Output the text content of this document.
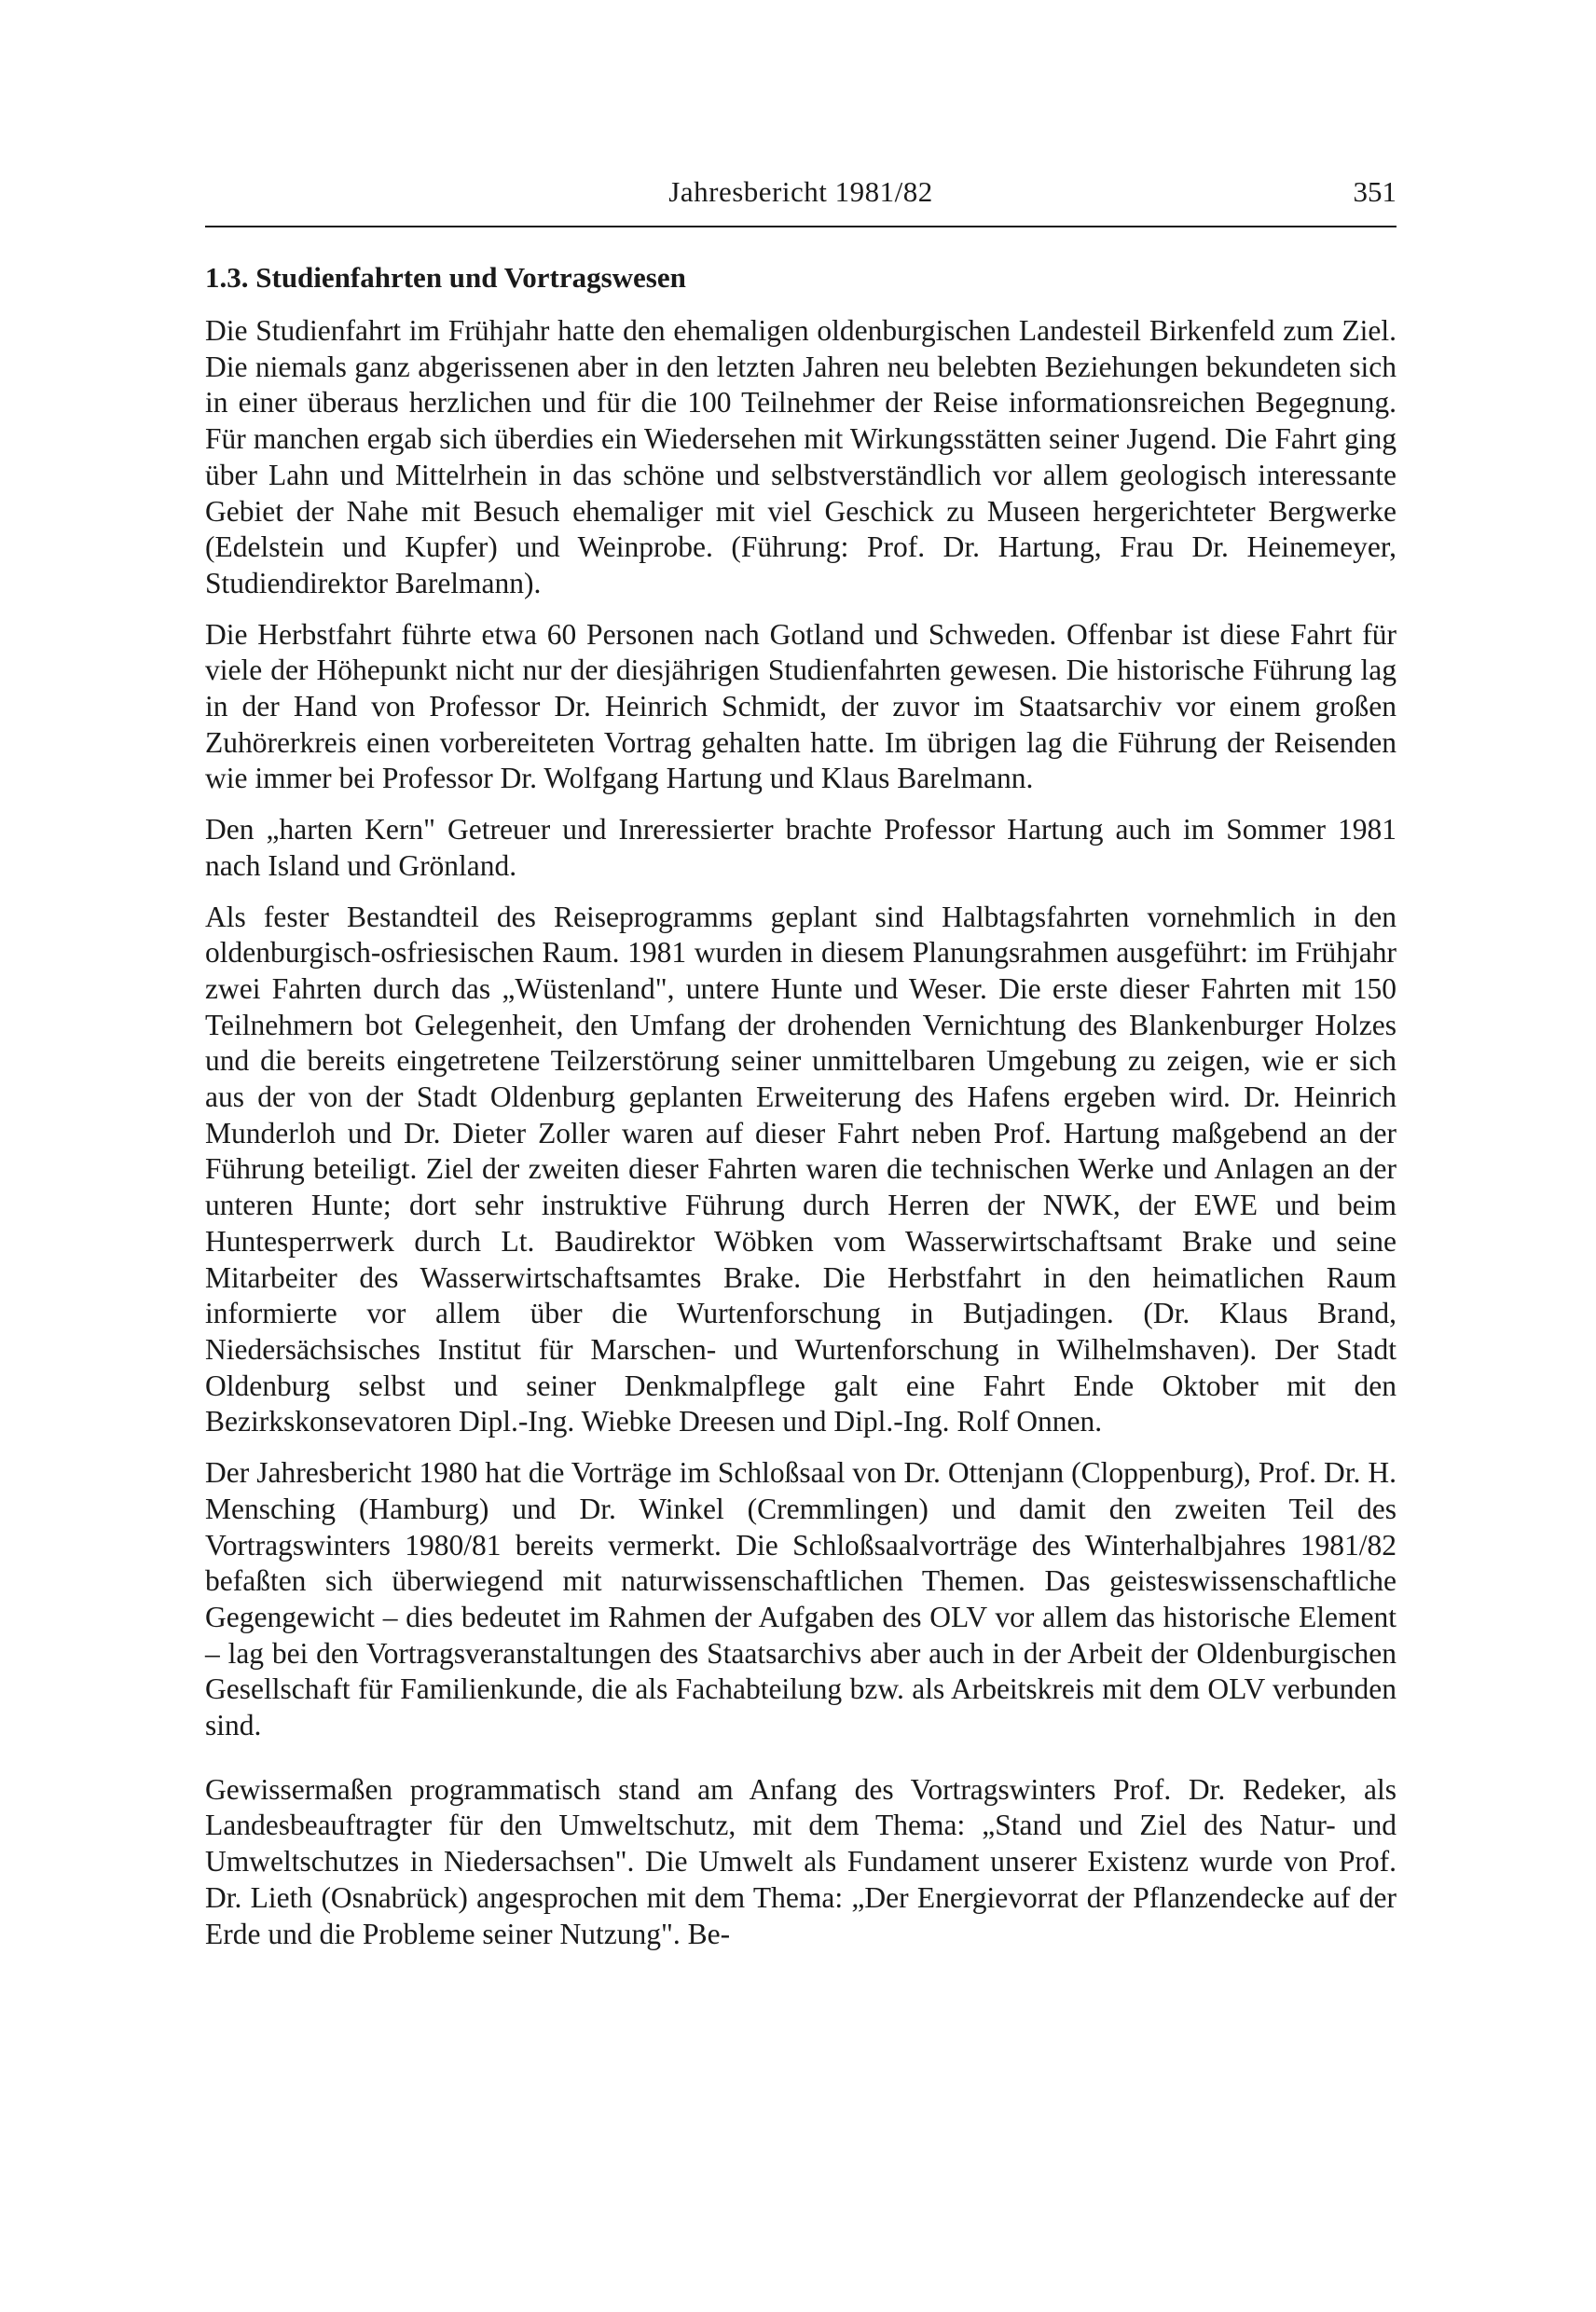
Jahresbericht 1981/82	351
1.3. Studienfahrten und Vortragswesen

Die Studienfahrt im Frühjahr hatte den ehemaligen oldenburgischen Landesteil Birkenfeld zum Ziel. Die niemals ganz abgerissenen aber in den letzten Jahren neu belebten Beziehungen bekundeten sich in einer überaus herzlichen und für die 100 Teilnehmer der Reise informationsreichen Begegnung. Für manchen ergab sich überdies ein Wiedersehen mit Wirkungsstätten seiner Jugend. Die Fahrt ging über Lahn und Mittelrhein in das schöne und selbstverständlich vor allem geologisch interessante Gebiet der Nahe mit Besuch ehemaliger mit viel Geschick zu Museen hergerichteter Bergwerke (Edelstein und Kupfer) und Weinprobe. (Führung: Prof. Dr. Hartung, Frau Dr. Heinemeyer, Studiendirektor Barelmann).

Die Herbstfahrt führte etwa 60 Personen nach Gotland und Schweden. Offenbar ist diese Fahrt für viele der Höhepunkt nicht nur der diesjährigen Studienfahrten gewesen. Die historische Führung lag in der Hand von Professor Dr. Heinrich Schmidt, der zuvor im Staatsarchiv vor einem großen Zuhörerkreis einen vorbereiteten Vortrag gehalten hatte. Im übrigen lag die Führung der Reisenden wie immer bei Professor Dr. Wolfgang Hartung und Klaus Barelmann.

Den „harten Kern" Getreuer und Inreressierter brachte Professor Hartung auch im Sommer 1981 nach Island und Grönland.

Als fester Bestandteil des Reiseprogramms geplant sind Halbtagsfahrten vornehmlich in den oldenburgisch-osfriesischen Raum. 1981 wurden in diesem Planungsrahmen ausgeführt: im Frühjahr zwei Fahrten durch das „Wüstenland", untere Hunte und Weser. Die erste dieser Fahrten mit 150 Teilnehmern bot Gelegenheit, den Umfang der drohenden Vernichtung des Blankenburger Holzes und die bereits eingetretene Teilzerstörung seiner unmittelbaren Umgebung zu zeigen, wie er sich aus der von der Stadt Oldenburg geplanten Erweiterung des Hafens ergeben wird. Dr. Heinrich Munderloh und Dr. Dieter Zoller waren auf dieser Fahrt neben Prof. Hartung maßgebend an der Führung beteiligt. Ziel der zweiten dieser Fahrten waren die technischen Werke und Anlagen an der unteren Hunte; dort sehr instruktive Führung durch Herren der NWK, der EWE und beim Huntesperrwerk durch Lt. Baudirektor Wöbken vom Wasserwirtschaftsamt Brake und seine Mitarbeiter des Wasserwirtschaftsamtes Brake. Die Herbstfahrt in den heimatlichen Raum informierte vor allem über die Wurtenforschung in Butjadingen. (Dr. Klaus Brand, Niedersächsisches Institut für Marschen- und Wurtenforschung in Wilhelmshaven). Der Stadt Oldenburg selbst und seiner Denkmalpflege galt eine Fahrt Ende Oktober mit den Bezirkskonsevatoren Dipl.-Ing. Wiebke Dreesen und Dipl.-Ing. Rolf Onnen.

Der Jahresbericht 1980 hat die Vorträge im Schloßsaal von Dr. Ottenjann (Cloppenburg), Prof. Dr. H. Mensching (Hamburg) und Dr. Winkel (Cremmlingen) und damit den zweiten Teil des Vortragswinters 1980/81 bereits vermerkt. Die Schloßsaalvorträge des Winterhalbjahres 1981/82 befaßten sich überwiegend mit naturwissenschaftlichen Themen. Das geisteswissenschaftliche Gegengewicht – dies bedeutet im Rahmen der Aufgaben des OLV vor allem das historische Element – lag bei den Vortragsveranstaltungen des Staatsarchivs aber auch in der Arbeit der Oldenburgischen Gesellschaft für Familienkunde, die als Fachabteilung bzw. als Arbeitskreis mit dem OLV verbunden sind.

Gewissermaßen programmatisch stand am Anfang des Vortragswinters Prof. Dr. Redeker, als Landesbeauftragter für den Umweltschutz, mit dem Thema: „Stand und Ziel des Natur- und Umweltschutzes in Niedersachsen". Die Umwelt als Fundament unserer Existenz wurde von Prof. Dr. Lieth (Osnabrück) angesprochen mit dem Thema: „Der Energievorrat der Pflanzendecke auf der Erde und die Probleme seiner Nutzung". Be-
